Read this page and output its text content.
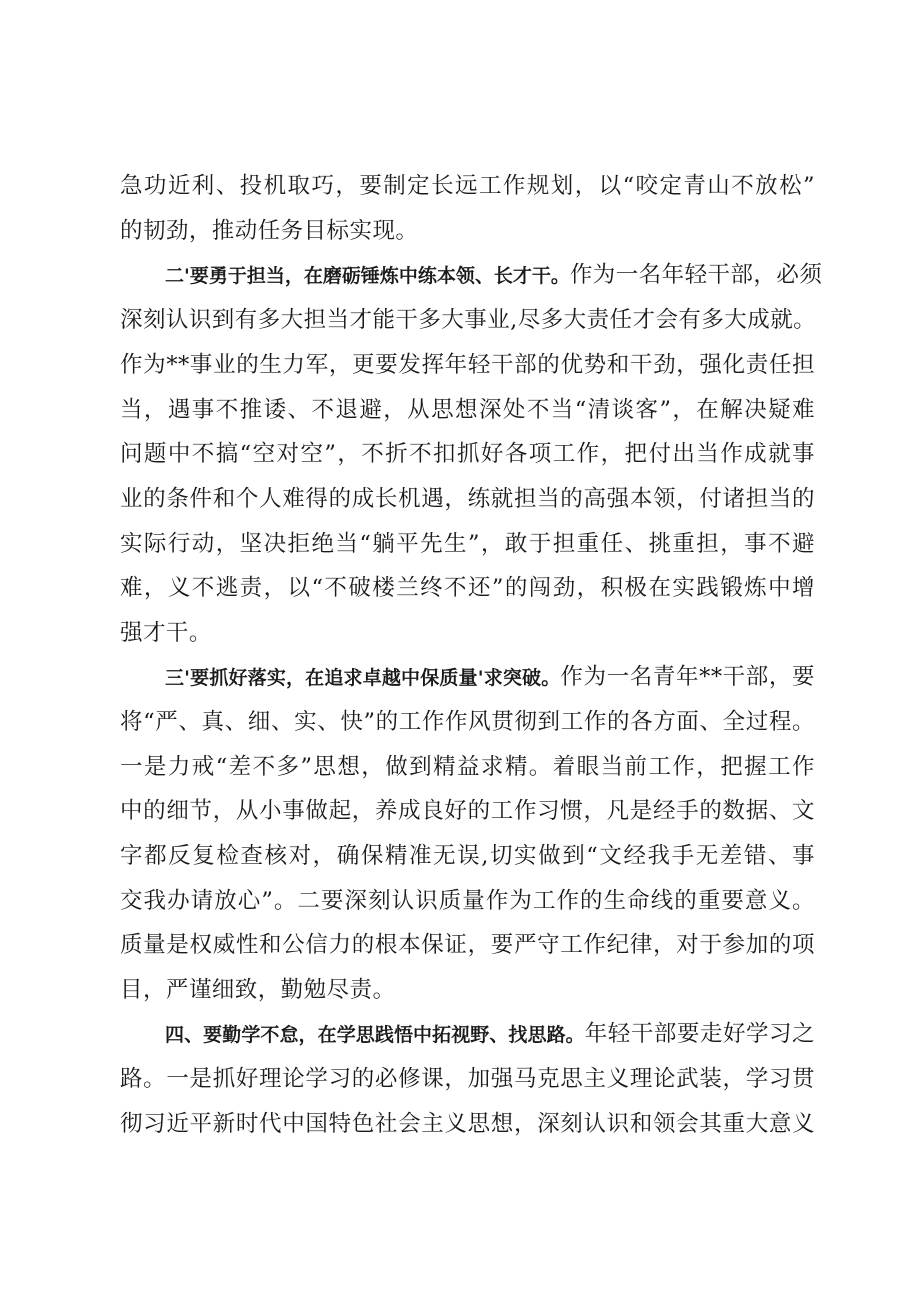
急功近利、投机取巧，要制定长远工作规划，以“咬定青山不放松”
的韧劲，推动任务目标实现。
二'要勇于担当，在磨砺锤炼中练本领、长才干。作为一名年轻干部，必须
深刻认识到有多大担当才能干多大事业,尽多大责任才会有多大成就。
作为**事业的生力军，更要发挥年轻干部的优势和干劲，强化责任担
当，遇事不推诿、不退避，从思想深处不当“清谈客”，在解决疑难
问题中不搞“空对空”，不折不扣抓好各项工作，把付出当作成就事
业的条件和个人难得的成长机遇，练就担当的高强本领，付诸担当的
实际行动，坚决拒绝当“躺平先生”，敢于担重任、挑重担，事不避
难，义不逃责，以“不破楼兰终不还”的闯劲，积极在实践锻炼中增
强才干。
三'要抓好落实，在追求卓越中保质量'求突破。作为一名青年**干部，要
将“严、真、细、实、快”的工作作风贯彻到工作的各方面、全过程。
一是力戒“差不多”思想，做到精益求精。着眼当前工作，把握工作
中的细节，从小事做起，养成良好的工作习惯，凡是经手的数据、文
字都反复检查核对，确保精准无误,切实做到“文经我手无差错、事
交我办请放心”。二要深刻认识质量作为工作的生命线的重要意义。
质量是权威性和公信力的根本保证，要严守工作纪律，对于参加的项
目，严谨细致，勤勉尽责。
四、要勤学不怠，在学思践悟中拓视野、找思路。年轻干部要走好学习之
路。一是抓好理论学习的必修课，加强马克思主义理论武装，学习贯
彻习近平新时代中国特色社会主义思想，深刻认识和领会其重大意义
